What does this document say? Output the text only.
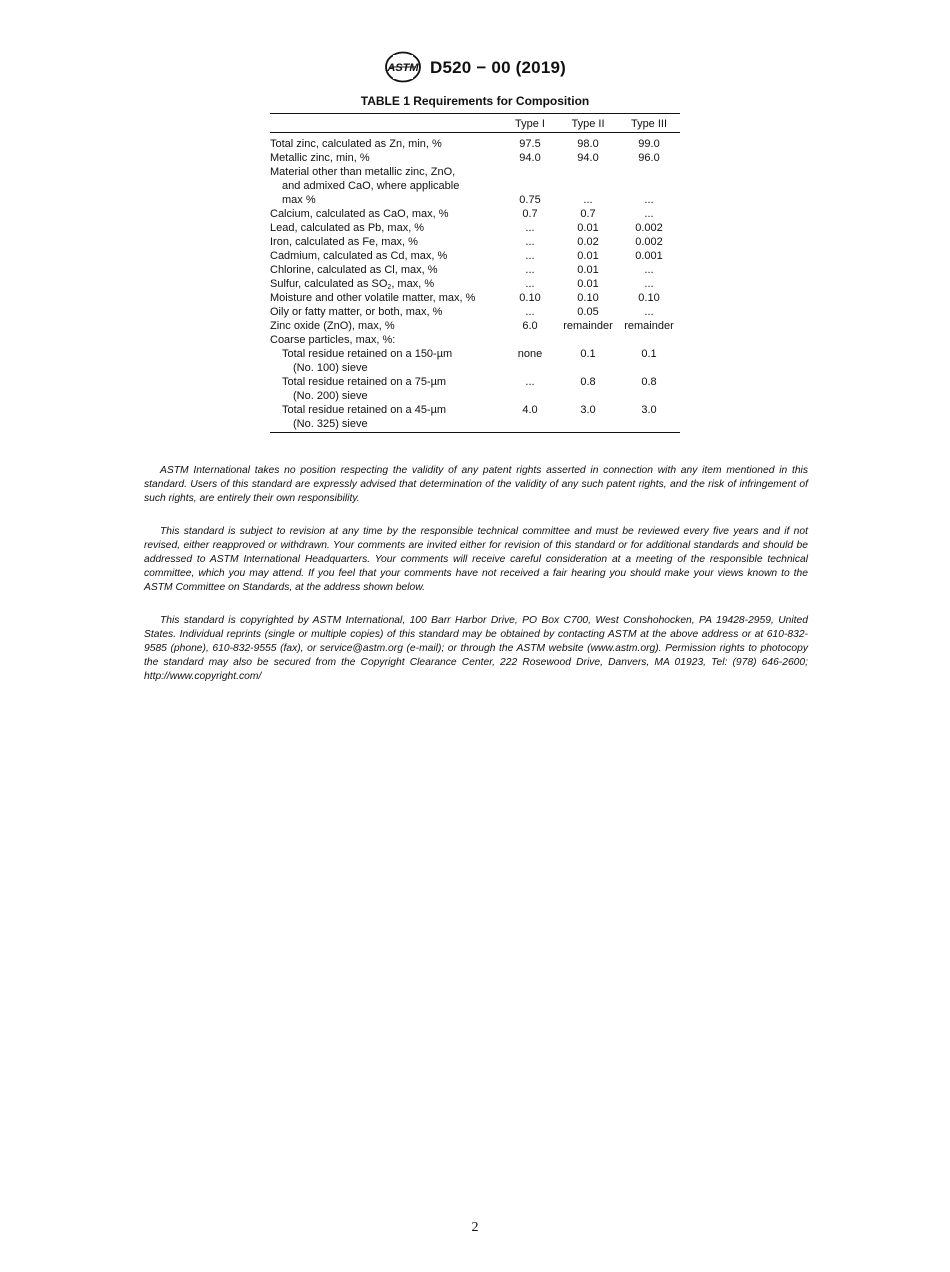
ASTM D520 − 00 (2019)
TABLE 1 Requirements for Composition
	Type I	Type II	Type III

Total zinc, calculated as Zn, min, %	97.5	98.0	99.0

Metallic zinc, min, %	94.0	94.0	96.0

Material other than metallic zinc, ZnO,
and admixed CaO, where applicable
max %	0.75	...	...

Calcium, calculated as CaO, max, %	0.7	0.7	...

Lead, calculated as Pb, max, %	...	0.01	0.002

Iron, calculated as Fe, max, %	...	0.02	0.002

Cadmium, calculated as Cd, max, %	...	0.01	0.001

Chlorine, calculated as Cl, max, %	...	0.01	...

Sulfur, calculated as $SO_2$, max, %	...	0.01	...

Moisture and other volatile matter, max, %	0.10	0.10	0.10

Oily or fatty matter, or both, max, %	...	0.05	...

Zinc oxide (ZnO), max, %	6.0	remainder	remainder

Coarse particles, max, %:			

Total residue retained on a 150-µm
(No. 100) sieve	none	0.1	0.1

Total residue retained on a 75-µm
(No. 200) sieve	...	0.8	0.8

Total residue retained on a 45-µm
(No. 325) sieve	4.0	3.0	3.0

ASTM International takes no position respecting the validity of any patent rights asserted in connection with any item mentioned in this standard. Users of this standard are expressly advised that determination of the validity of any such patent rights, and the risk of infringement of such rights, are entirely their own responsibility.

This standard is subject to revision at any time by the responsible technical committee and must be reviewed every five years and if not revised, either reapproved or withdrawn. Your comments are invited either for revision of this standard or for additional standards and should be addressed to ASTM International Headquarters. Your comments will receive careful consideration at a meeting of the responsible technical committee, which you may attend. If you feel that your comments have not received a fair hearing you should make your views known to the ASTM Committee on Standards, at the address shown below.

This standard is copyrighted by ASTM International, 100 Barr Harbor Drive, PO Box C700, West Conshohocken, PA 19428-2959, United States. Individual reprints (single or multiple copies) of this standard may be obtained by contacting ASTM at the above address or at 610-832-9585 (phone), 610-832-9555 (fax), or service@astm.org (e-mail); or through the ASTM website (www.astm.org). Permission rights to photocopy the standard may also be secured from the Copyright Clearance Center, 222 Rosewood Drive, Danvers, MA 01923, Tel: (978) 646-2600; http://www.copyright.com/

2
